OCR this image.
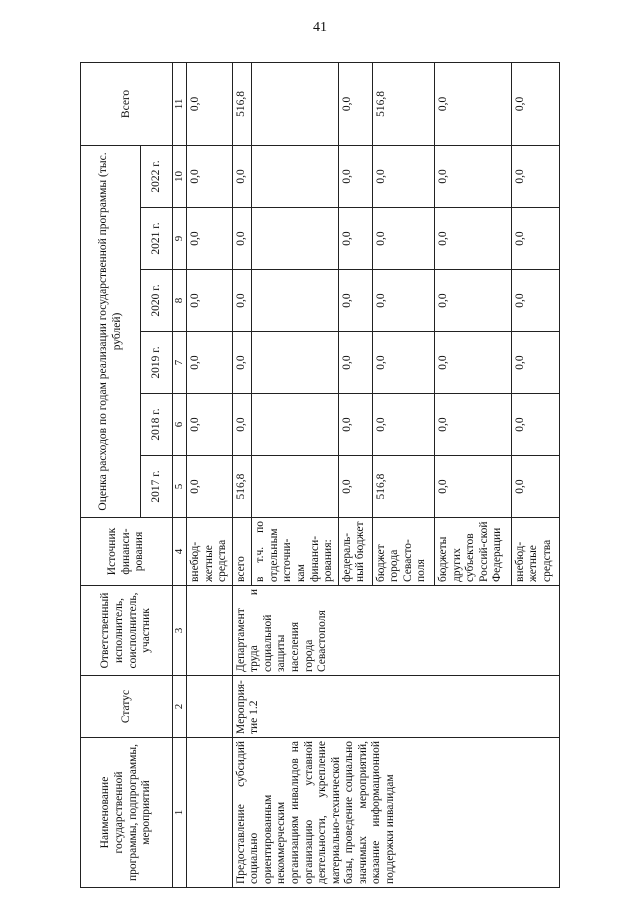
41
Наименование государственной программы, подпрограммы, мероприятий	Статус	Ответственный исполнитель, соисполнитель, участник	Источник финанси-рования	Оценка расходов по годам реализации государственной программы (тыс. рублей)						Всего
				2017 г.	2018 г.	2019 г.	2020 г.	2021 г.	2022 г.	
1	2	3	4	5	6	7	8	9	10	11
			внебюд-жетные средства	0,0	0,0	0,0	0,0	0,0	0,0	0,0
Предоставление субсидий социально ориентированным некоммерческим организациям инвалидов на организацию уставной деятельности, укрепление материально-технической базы, проведение социально значимых мероприятий, оказание информационной поддержки инвалидам	Мероприя-тие 1.2	Департамент труда и социальной защиты населения города Севастополя	всего	516,8	0,0	0,0	0,0	0,0	0,0	516,8
			в т.ч. по отдельным источни-кам финанси-рования:							
			федераль-ный бюджет	0,0	0,0	0,0	0,0	0,0	0,0	0,0
			бюджет города Севасто-поля	516,8	0,0	0,0	0,0	0,0	0,0	516,8
			бюджеты других субъектов Россий-ской Федерации	0,0	0,0	0,0	0,0	0,0	0,0	0,0
			внебюд-жетные средства	0,0	0,0	0,0	0,0	0,0	0,0	0,0
